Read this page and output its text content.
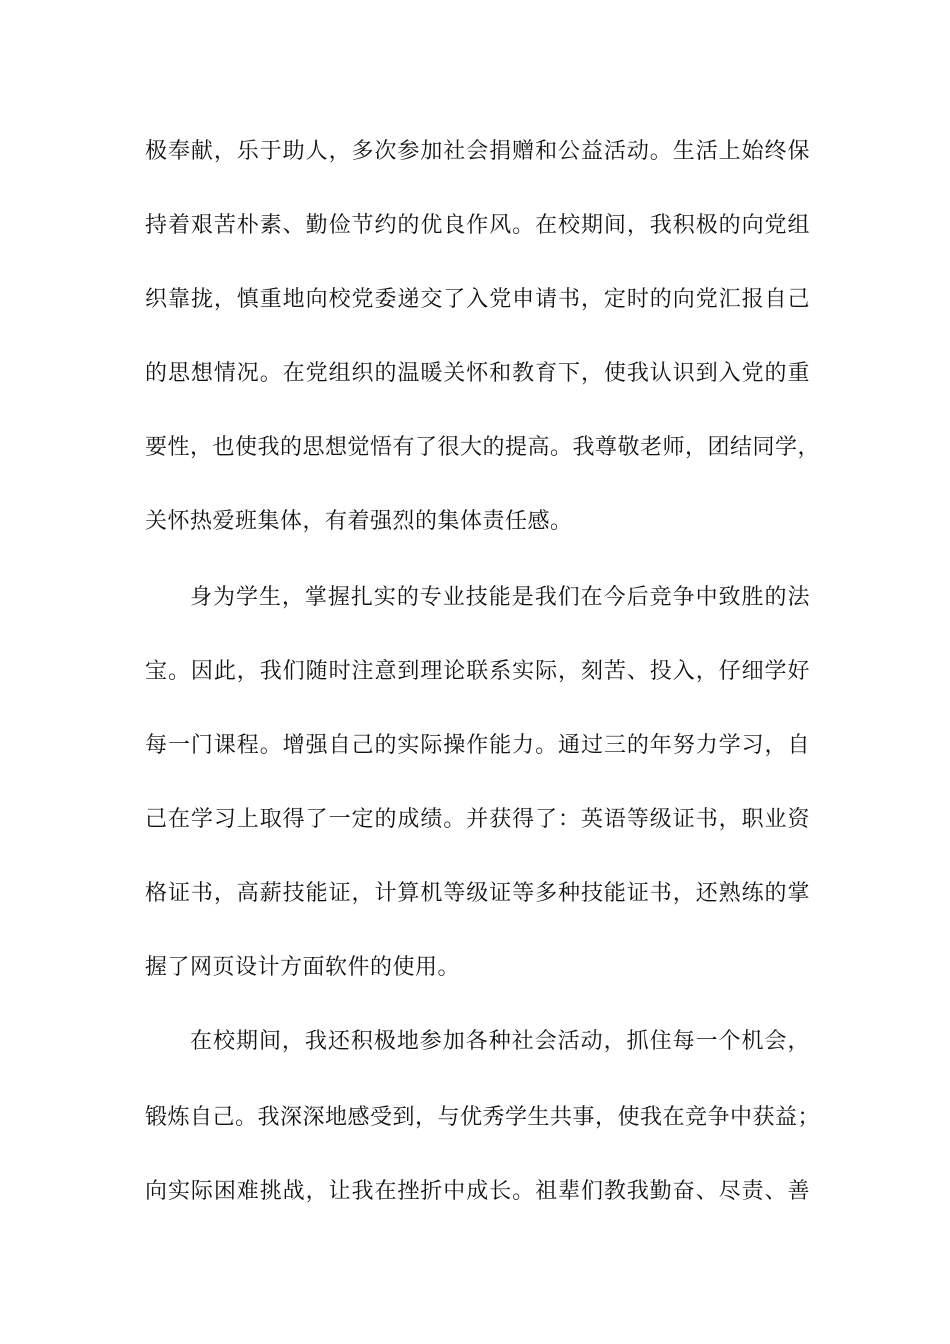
极奉献，乐于助人，多次参加社会捐赠和公益活动。生活上始终保
持着艰苦朴素、勤俭节约的优良作风。在校期间，我积极的向党组
织靠拢，慎重地向校党委递交了入党申请书，定时的向党汇报自己
的思想情况。在党组织的温暖关怀和教育下，使我认识到入党的重
要性，也使我的思想觉悟有了很大的提高。我尊敬老师，团结同学，
关怀热爱班集体，有着强烈的集体责任感。
身为学生，掌握扎实的专业技能是我们在今后竞争中致胜的法
宝。因此，我们随时注意到理论联系实际，刻苦、投入，仔细学好
每一门课程。增强自己的实际操作能力。通过三的年努力学习，自
己在学习上取得了一定的成绩。并获得了：英语等级证书，职业资
格证书，高薪技能证，计算机等级证等多种技能证书，还熟练的掌
握了网页设计方面软件的使用。
在校期间，我还积极地参加各种社会活动，抓住每一个机会，
锻炼自己。我深深地感受到，与优秀学生共事，使我在竞争中获益；
向实际困难挑战，让我在挫折中成长。祖辈们教我勤奋、尽责、善
